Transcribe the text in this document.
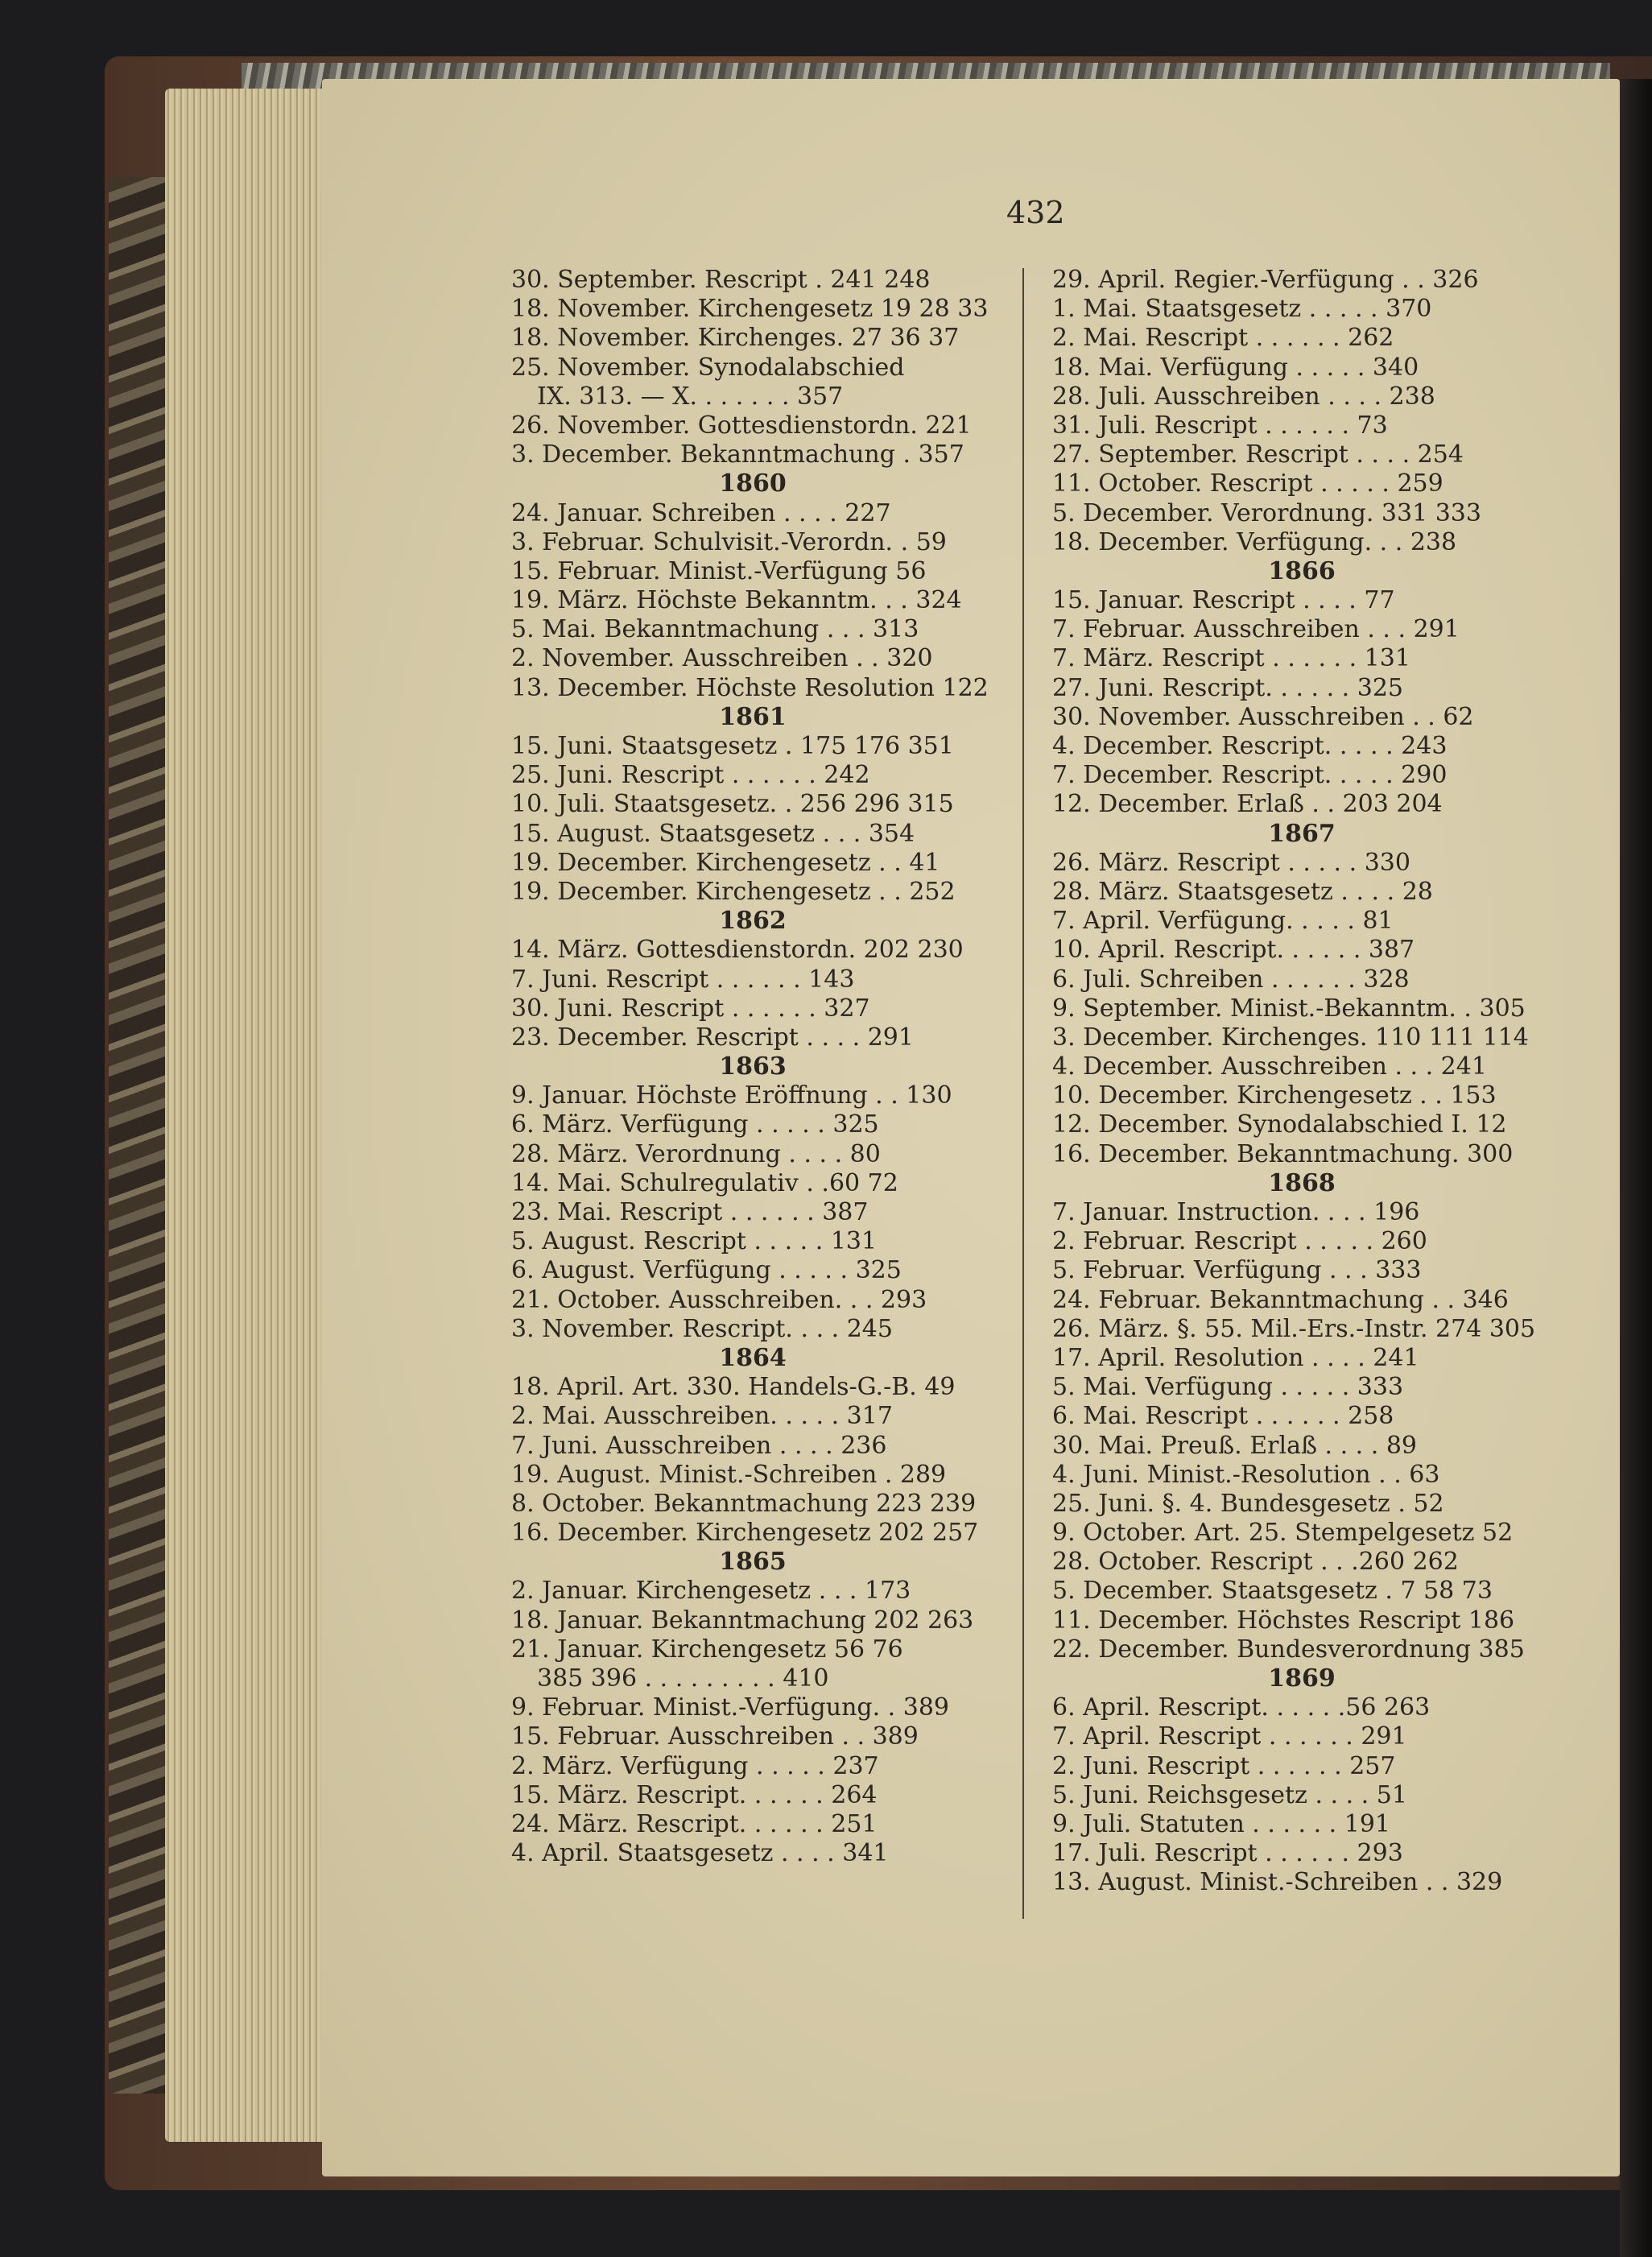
432
30. September. Rescript . 241 248
18. November. Kirchengesetz 19 28 33
18. November. Kirchenges. 27 36 37
25. November. Synodalabschied
IX. 313. — X. . . . . . . 357
26. November. Gottesdienstordn. 221
3. December. Bekanntmachung . 357
1860
24. Januar. Schreiben . . . . 227
3. Februar. Schulvisit.-Verordn. . 59
15. Februar. Minist.-Verfügung 56
19. März. Höchste Bekanntm. . . 324
5. Mai. Bekanntmachung . . . 313
2. November. Ausschreiben . . 320
13. December. Höchste Resolution 122
1861
15. Juni. Staatsgesetz . 175 176 351
25. Juni. Rescript . . . . . . 242
10. Juli. Staatsgesetz. . 256 296 315
15. August. Staatsgesetz . . . 354
19. December. Kirchengesetz . . 41
19. December. Kirchengesetz . . 252
1862
14. März. Gottesdienstordn. 202 230
7. Juni. Rescript . . . . . . 143
30. Juni. Rescript . . . . . . 327
23. December. Rescript . . . . 291
1863
9. Januar. Höchste Eröffnung . . 130
6. März. Verfügung . . . . . 325
28. März. Verordnung . . . . 80
14. Mai. Schulregulativ . .60 72
23. Mai. Rescript . . . . . . 387
5. August. Rescript . . . . . 131
6. August. Verfügung . . . . . 325
21. October. Ausschreiben. . . 293
3. November. Rescript. . . . 245
1864
18. April. Art. 330. Handels-G.-B. 49
2. Mai. Ausschreiben. . . . . 317
7. Juni. Ausschreiben . . . . 236
19. August. Minist.-Schreiben . 289
8. October. Bekanntmachung 223 239
16. December. Kirchengesetz 202 257
1865
2. Januar. Kirchengesetz . . . 173
18. Januar. Bekanntmachung 202 263
21. Januar. Kirchengesetz 56 76
385 396 . . . . . . . . . 410
9. Februar. Minist.-Verfügung. . 389
15. Februar. Ausschreiben . . 389
2. März. Verfügung . . . . . 237
15. März. Rescript. . . . . . 264
24. März. Rescript. . . . . . 251
4. April. Staatsgesetz . . . . 341
29. April. Regier.-Verfügung . . 326
1. Mai. Staatsgesetz . . . . . 370
2. Mai. Rescript . . . . . . 262
18. Mai. Verfügung . . . . . 340
28. Juli. Ausschreiben . . . . 238
31. Juli. Rescript . . . . . . 73
27. September. Rescript . . . . 254
11. October. Rescript . . . . . 259
5. December. Verordnung. 331 333
18. December. Verfügung. . . 238
1866
15. Januar. Rescript . . . . 77
7. Februar. Ausschreiben . . . 291
7. März. Rescript . . . . . . 131
27. Juni. Rescript. . . . . . 325
30. November. Ausschreiben . . 62
4. December. Rescript. . . . . 243
7. December. Rescript. . . . . 290
12. December. Erlaß . . 203 204
1867
26. März. Rescript . . . . . 330
28. März. Staatsgesetz . . . . 28
7. April. Verfügung. . . . . 81
10. April. Rescript. . . . . . 387
6. Juli. Schreiben . . . . . . 328
9. September. Minist.-Bekanntm. . 305
3. December. Kirchenges. 110 111 114
4. December. Ausschreiben . . . 241
10. December. Kirchengesetz . . 153
12. December. Synodalabschied I. 12
16. December. Bekanntmachung. 300
1868
7. Januar. Instruction. . . . 196
2. Februar. Rescript . . . . . 260
5. Februar. Verfügung . . . 333
24. Februar. Bekanntmachung . . 346
26. März. §. 55. Mil.-Ers.-Instr. 274 305
17. April. Resolution . . . . 241
5. Mai. Verfügung . . . . . 333
6. Mai. Rescript . . . . . . 258
30. Mai. Preuß. Erlaß . . . . 89
4. Juni. Minist.-Resolution . . 63
25. Juni. §. 4. Bundesgesetz . 52
9. October. Art. 25. Stempelgesetz 52
28. October. Rescript . . .260 262
5. December. Staatsgesetz . 7 58 73
11. December. Höchstes Rescript 186
22. December. Bundesverordnung 385
1869
6. April. Rescript. . . . . .56 263
7. April. Rescript . . . . . . 291
2. Juni. Rescript . . . . . . 257
5. Juni. Reichsgesetz . . . . 51
9. Juli. Statuten . . . . . . 191
17. Juli. Rescript . . . . . . 293
13. August. Minist.-Schreiben . . 329
